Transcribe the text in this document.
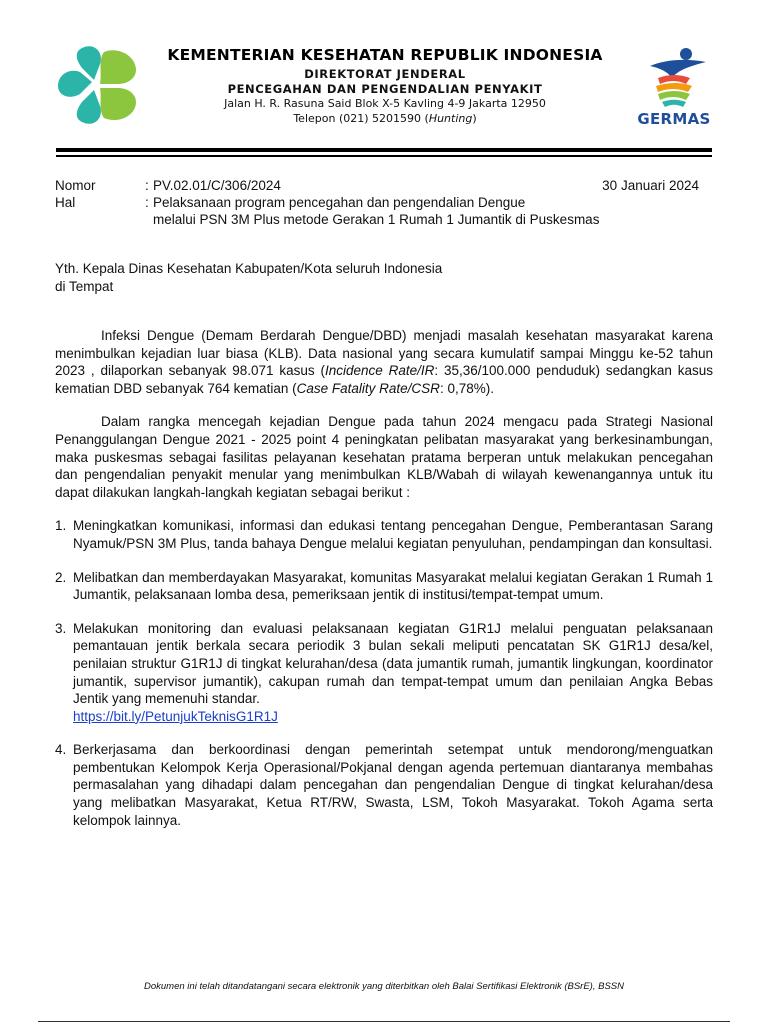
KEMENTERIAN KESEHATAN REPUBLIK INDONESIA
DIREKTORAT JENDERAL
PENCEGAHAN DAN PENGENDALIAN PENYAKIT
Jalan H. R. Rasuna Said Blok X-5 Kavling 4-9 Jakarta 12950
Telepon (021) 5201590 (Hunting)	GERMAS
Nomor	: PV.02.01/C/306/2024	30 Januari 2024
Hal	: Pelaksanaan program pencegahan dan pengendalian Dengue
melalui PSN 3M Plus metode Gerakan 1 Rumah 1 Jumantik di Puskesmas
Yth. Kepala Dinas Kesehatan Kabupaten/Kota seluruh Indonesia
di Tempat

Infeksi Dengue (Demam Berdarah Dengue/DBD) menjadi masalah kesehatan masyarakat karena menimbulkan kejadian luar biasa (KLB). Data nasional yang secara kumulatif sampai Minggu ke-52 tahun 2023 , dilaporkan sebanyak 98.071 kasus (Incidence Rate/IR: 35,36/100.000 penduduk) sedangkan kasus kematian DBD sebanyak 764 kematian (Case Fatality Rate/CSR: 0,78%).

Dalam rangka mencegah kejadian Dengue pada tahun 2024 mengacu pada Strategi Nasional Penanggulangan Dengue 2021 - 2025 point 4 peningkatan pelibatan masyarakat yang berkesinambungan, maka puskesmas sebagai fasilitas pelayanan kesehatan pratama berperan untuk melakukan pencegahan dan pengendalian penyakit menular yang menimbulkan KLB/Wabah di wilayah kewenangannya untuk itu dapat dilakukan langkah-langkah kegiatan sebagai berikut :

1. Meningkatkan komunikasi, informasi dan edukasi tentang pencegahan Dengue, Pemberantasan Sarang Nyamuk/PSN 3M Plus, tanda bahaya Dengue melalui kegiatan penyuluhan, pendampingan dan konsultasi.
2. Melibatkan dan memberdayakan Masyarakat, komunitas Masyarakat melalui kegiatan Gerakan 1 Rumah 1 Jumantik, pelaksanaan lomba desa, pemeriksaan jentik di institusi/tempat-tempat umum.
3. Melakukan monitoring dan evaluasi pelaksanaan kegiatan G1R1J melalui penguatan pelaksanaan pemantauan jentik berkala secara periodik 3 bulan sekali meliputi pencatatan SK G1R1J desa/kel, penilaian struktur G1R1J di tingkat kelurahan/desa (data jumantik rumah, jumantik lingkungan, koordinator jumantik, supervisor jumantik), cakupan rumah dan tempat-tempat umum dan penilaian Angka Bebas Jentik yang memenuhi standar.
https://bit.ly/PetunjukTeknisG1R1J
4. Berkerjasama dan berkoordinasi dengan pemerintah setempat untuk mendorong/menguatkan pembentukan Kelompok Kerja Operasional/Pokjanal dengan agenda pertemuan diantaranya membahas permasalahan yang dihadapi dalam pencegahan dan pengendalian Dengue di tingkat kelurahan/desa yang melibatkan Masyarakat, Ketua RT/RW, Swasta, LSM, Tokoh Masyarakat. Tokoh Agama serta kelompok lainnya.
Dokumen ini telah ditandatangani secara elektronik yang diterbitkan oleh Balai Sertifikasi Elektronik (BSrE), BSSN
